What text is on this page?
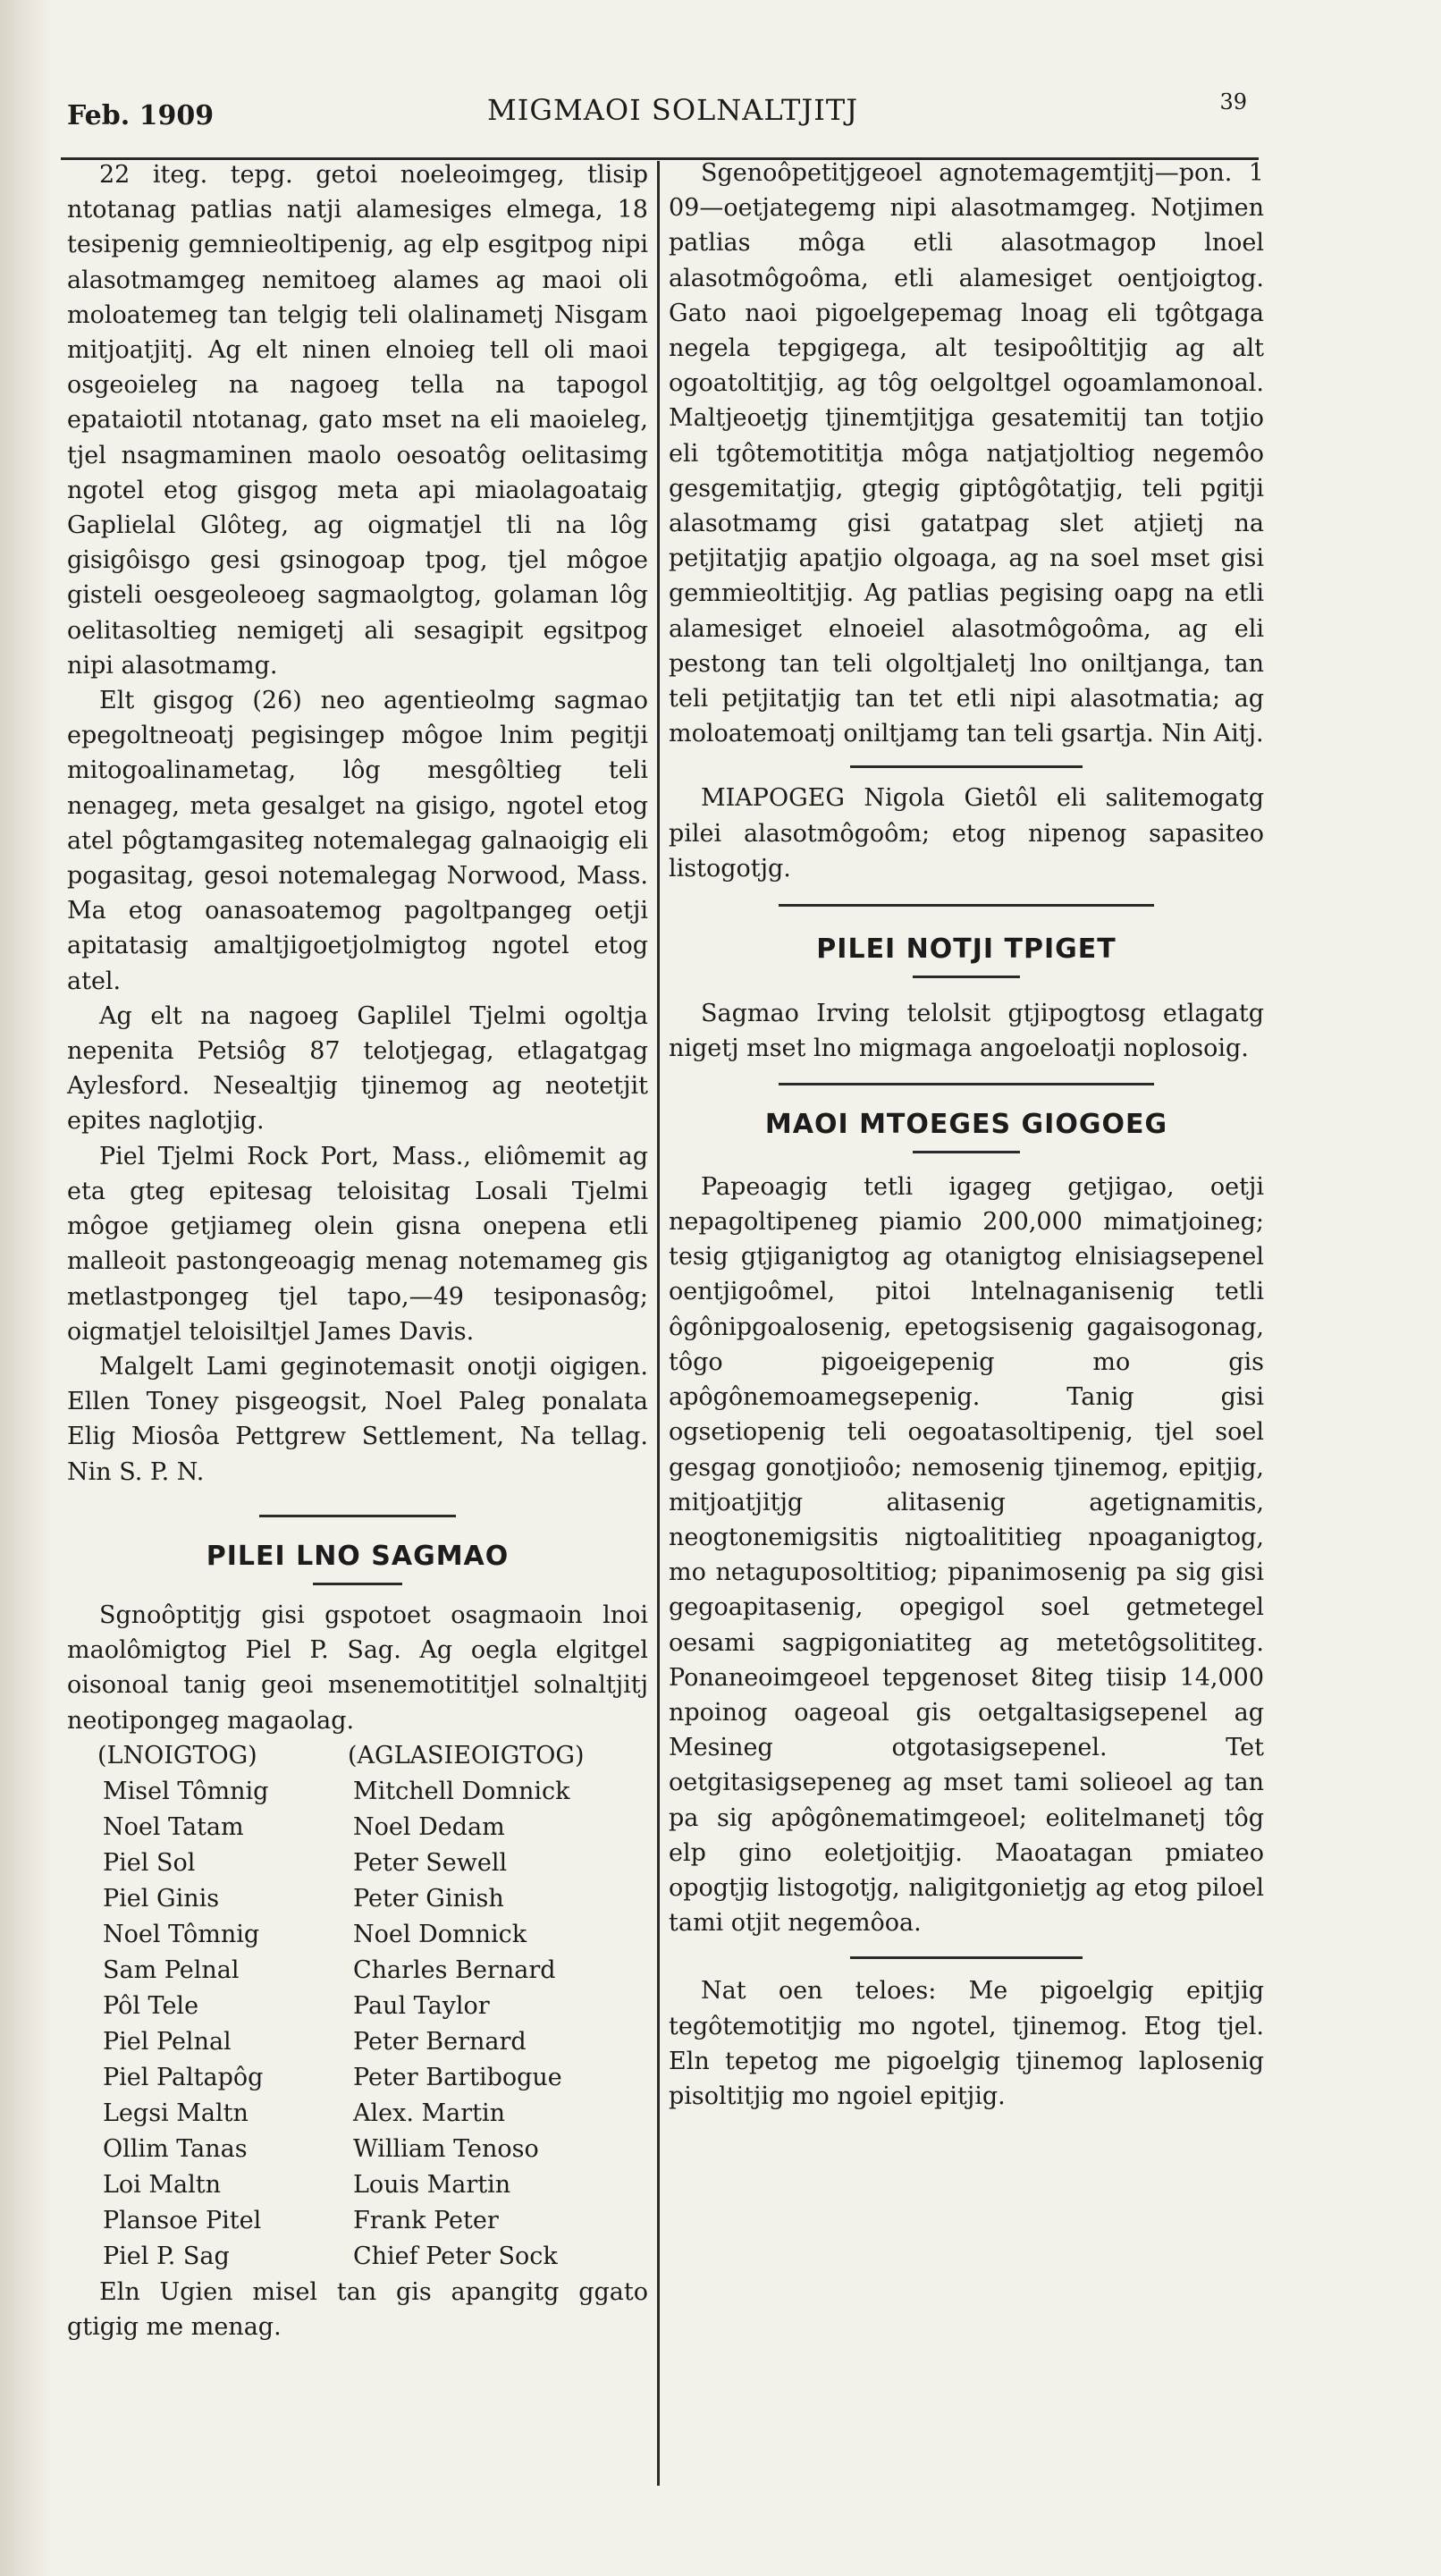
Feb. 1909	MIGMAOI SOLNALTJITJ	39

22 iteg. tepg. getoi noeleoimgeg, tlisip ntotanag patlias natji alamesiges elmega, 18 tesipenig gemnieoltipenig, ag elp esgitpog nipi alasotmamgeg nemitoeg alames ag maoi oli moloatemeg tan telgig teli olalinametj Nisgam mitjoatjitj. Ag elt ninen elnoieg tell oli maoi osgeoieleg na nagoeg tella na tapogol epataiotil ntotanag, gato mset na eli maoieleg, tjel nsagmaminen maolo oesoatôg oelitasimg ngotel etog gisgog meta api miaolagoataig Gaplielal Glôteg, ag oigmatjel tli na lôg gisigôisgo gesi gsinogoap tpog, tjel môgoe gisteli oesgeoleoeg sagmaolgtog, golaman lôg oelitasoltieg nemigetj ali sesagipit egsitpog nipi alasotmamg.

Elt gisgog (26) neo agentieolmg sagmao epegoltneoatj pegisingep môgoe lnim pegitji mitogoalinametag, lôg mesgôltieg teli nenageg, meta gesalget na gisigo, ngotel etog atel pôgtamgasiteg notemalegag galnaoigig eli pogasitag, gesoi notemalegag Norwood, Mass. Ma etog oanasoatemog pagoltpangeg oetji apitatasig amaltjigoetjolmigtog ngotel etog atel.

Ag elt na nagoeg Gaplilel Tjelmi ogoltja nepenita Petsiôg 87 telotjegag, etlagatgag Aylesford. Nesealtjig tjinemog ag neotetjit epites naglotjig.

Piel Tjelmi Rock Port, Mass., eliômemit ag eta gteg epitesag teloisitag Losali Tjelmi môgoe getjiameg olein gisna onepena etli malleoit pastongeoagig menag notemameg gis metlastpongeg tjel tapo,—49 tesiponasôg; oigmatjel teloisiltjel James Davis.

Malgelt Lami geginotemasit onotji oigigen. Ellen Toney pisgeogsit, Noel Paleg ponalata Elig Miosôa Pettgrew Settlement, Na tellag. Nin S. P. N.

PILEI LNO SAGMAO

Sgnoôptitjg gisi gspotoet osagmaoin lnoi maolômigtog Piel P. Sag. Ag oegla elgitgel oisonoal tanig geoi msenemotititjel solnaltjitj neotipongeg magaolag.

(LNOIGTOG)	(AGLASIEOIGTOG)
Misel Tômnig	Mitchell Domnick
Noel Tatam	Noel Dedam
Piel Sol	Peter Sewell
Piel Ginis	Peter Ginish
Noel Tômnig	Noel Domnick
Sam Pelnal	Charles Bernard
Pôl Tele	Paul Taylor
Piel Pelnal	Peter Bernard
Piel Paltapôg	Peter Bartibogue
Legsi Maltn	Alex. Martin
Ollim Tanas	William Tenoso
Loi Maltn	Louis Martin
Plansoe Pitel	Frank Peter
Piel P. Sag	Chief Peter Sock

Eln Ugien misel tan gis apangitg ggato gtigig me menag.

Sgenoôpetitjgeoel agnotemagemtjitj—pon. 1 09—oetjategemg nipi alasotmamgeg. Notjimen patlias môga etli alasotmagop lnoel alasotmôgoôma, etli alamesiget oentjoigtog. Gato naoi pigoelgepemag lnoag eli tgôtgaga negela tepgigega, alt tesipoôltitjig ag alt ogoatoltitjig, ag tôg oelgoltgel ogoamlamonoal. Maltjeoetjg tjinemtjitjga gesatemitij tan totjio eli tgôtemotititja môga natjatjoltiog negemôo gesgemitatjig, gtegig giptôgôtatjig, teli pgitji alasotmamg gisi gatatpag slet atjietj na petjitatjig apatjio olgoaga, ag na soel mset gisi gemmieoltitjig. Ag patlias pegising oapg na etli alamesiget elnoeiel alasotmôgoôma, ag eli pestong tan teli olgoltjaletj lno oniltjanga, tan teli petjitatjig tan tet etli nipi alasotmatia; ag moloatemoatj oniltjamg tan teli gsartja. Nin Aitj.

MIAPOGEG Nigola Gietôl eli salitemogatg pilei alasotmôgoôm; etog nipenog sapasiteo listogotjg.

PILEI NOTJI TPIGET

Sagmao Irving telolsit gtjipogtosg etlagatg nigetj mset lno migmaga angoeloatji noplosoig.

MAOI MTOEGES GIOGOEG

Papeoagig tetli igageg getjigao, oetji nepagoltipeneg piamio 200,000 mimatjoineg; tesig gtjiganigtog ag otanigtog elnisiagsepenel oentjigoômel, pitoi lntelnaganisenig tetli ôgônipgoalosenig, epetogsisenig gagaisogonag, tôgo pigoeigepenig mo gis apôgônemoamegsepenig. Tanig gisi ogsetiopenig teli oegoatasoltipenig, tjel soel gesgag gonotjioôo; nemosenig tjinemog, epitjig, mitjoatjitjg alitasenig agetignamitis, neogtonemigsitis nigtoalititieg npoaganigtog, mo netaguposoltitiog; pipanimosenig pa sig gisi gegoapitasenig, opegigol soel getmetegel oesami sagpigoniatiteg ag metetôgsolititeg. Ponaneoimgeoel tepgenoset 8iteg tiisip 14,000 npoinog oageoal gis oetgaltasigsepenel ag Mesineg otgotasigsepenel. Tet oetgitasigsepeneg ag mset tami solieoel ag tan pa sig apôgônematimgeoel; eolitelmanetj tôg elp gino eoletjoitjig. Maoatagan pmiateo opogtjig listogotjg, naligitgonietjg ag etog piloel tami otjit negemôoa.

Nat oen teloes: Me pigoelgig epitjig tegôtemotitjig mo ngotel, tjinemog. Etog tjel. Eln tepetog me pigoelgig tjinemog laplosenig pisoltitjig mo ngoiel epitjig.
